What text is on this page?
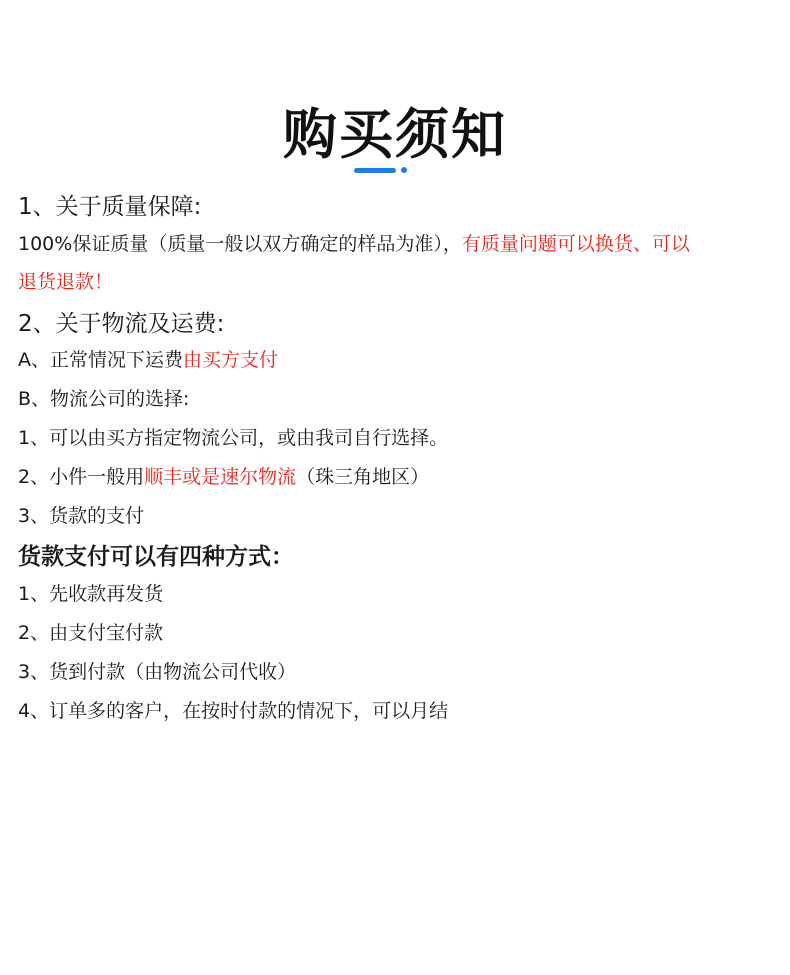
购买须知
1、关于质量保障:
100%保证质量（质量一般以双方确定的样品为准），有质量问题可以换货、可以
退货退款！
2、关于物流及运费:
A、正常情况下运费由买方支付
B、物流公司的选择:
1、可以由买方指定物流公司，或由我司自行选择。
2、小件一般用顺丰或是速尔物流（珠三角地区）
3、货款的支付
货款支付可以有四种方式：
1、先收款再发货
2、由支付宝付款
3、货到付款（由物流公司代收）
4、订单多的客户，在按时付款的情况下，可以月结
